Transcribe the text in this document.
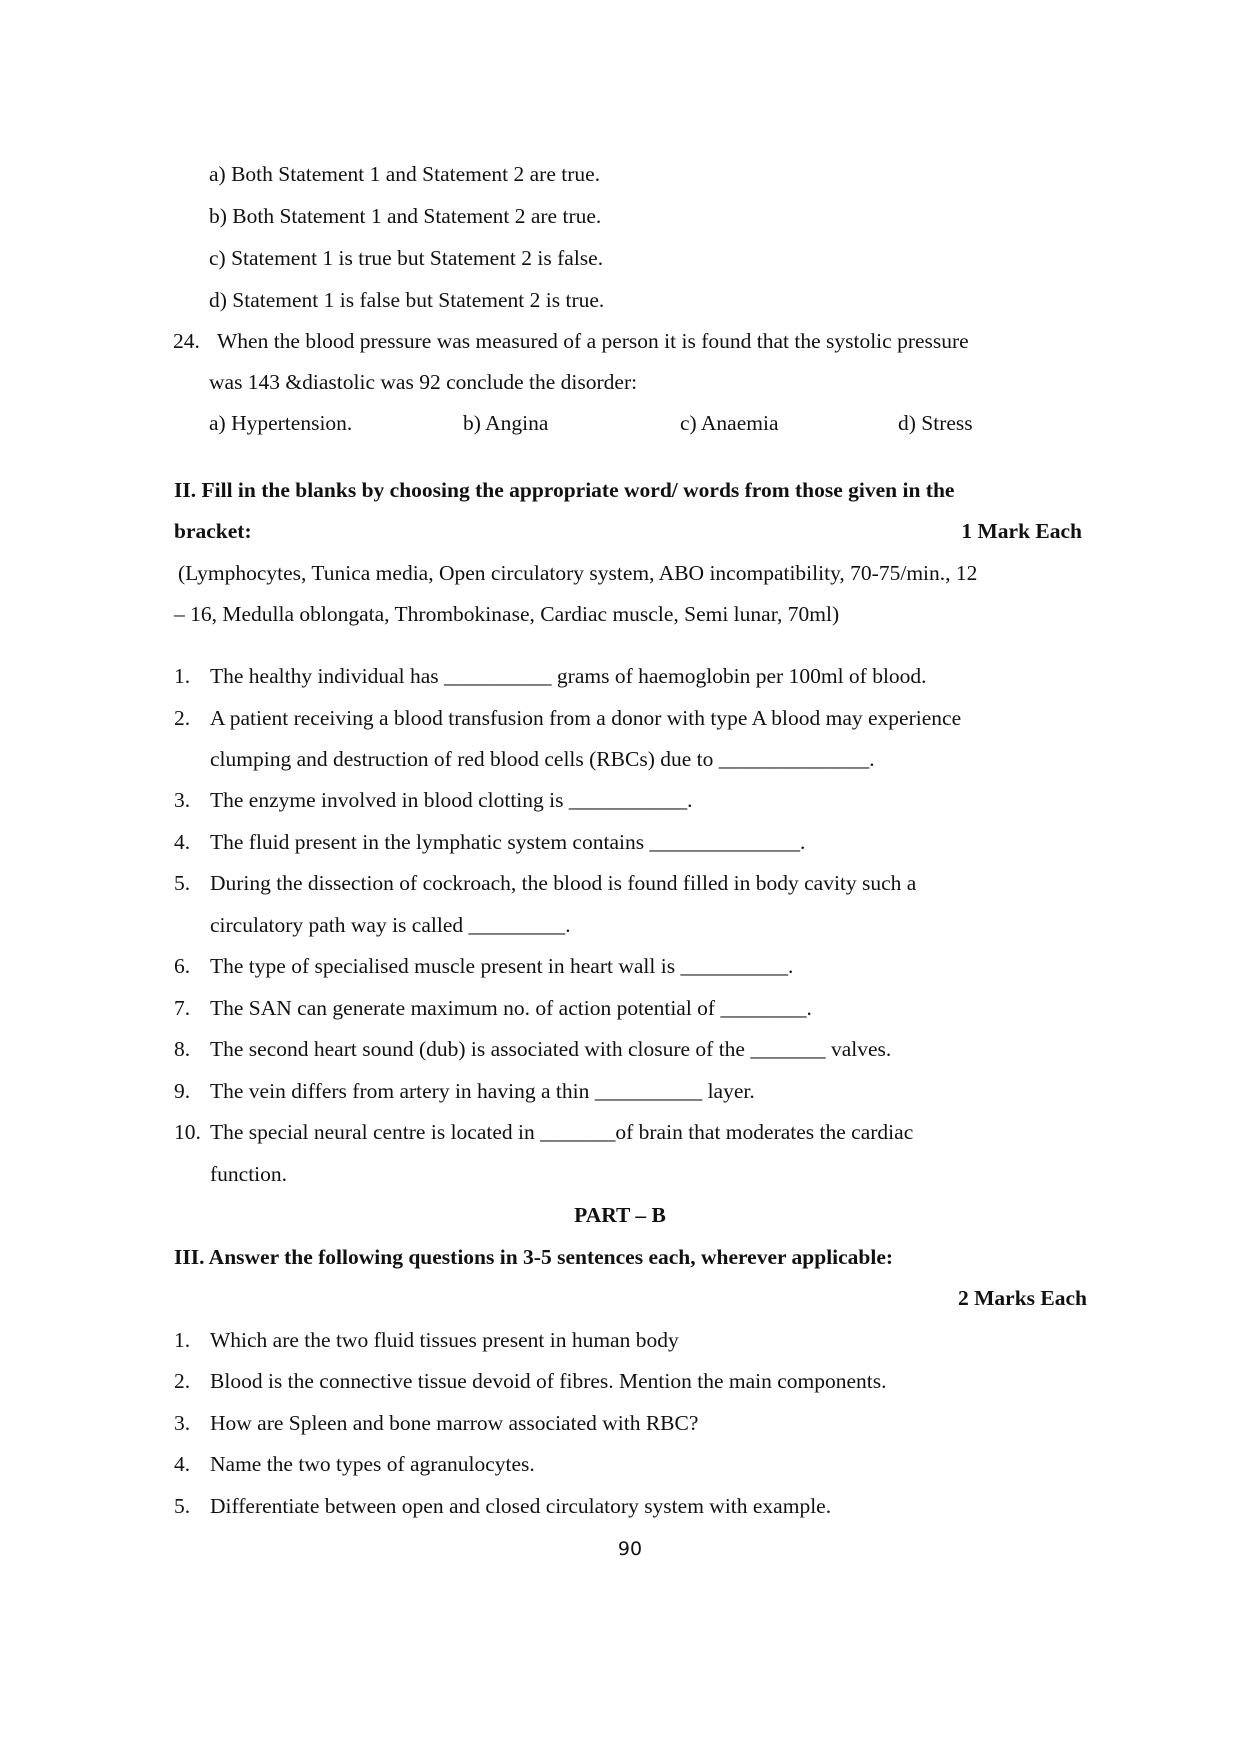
a) Both Statement 1 and Statement 2 are true.
b) Both Statement 1 and Statement 2 are true.
c) Statement 1 is true but Statement 2 is false.
d) Statement 1 is false but Statement 2 is true.
24. When the blood pressure was measured of a person it is found that the systolic pressure
was 143 &diastolic was 92 conclude the disorder:
a) Hypertension.	b) Angina	c) Anaemia	d) Stress
II. Fill in the blanks by choosing the appropriate word/ words from those given in the
bracket:	1 Mark Each
(Lymphocytes, Tunica media, Open circulatory system, ABO incompatibility, 70-75/min., 12
– 16, Medulla oblongata, Thrombokinase, Cardiac muscle, Semi lunar, 70ml)
1. The healthy individual has __________ grams of haemoglobin per 100ml of blood.
2. A patient receiving a blood transfusion from a donor with type A blood may experience
clumping and destruction of red blood cells (RBCs) due to ______________.
3. The enzyme involved in blood clotting is ___________.
4. The fluid present in the lymphatic system contains ______________.
5. During the dissection of cockroach, the blood is found filled in body cavity such a
circulatory path way is called _________.
6. The type of specialised muscle present in heart wall is __________.
7. The SAN can generate maximum no. of action potential of ________.
8. The second heart sound (dub) is associated with closure of the _______ valves.
9. The vein differs from artery in having a thin __________ layer.
10. The special neural centre is located in _______of brain that moderates the cardiac
function.
PART – B
III. Answer the following questions in 3-5 sentences each, wherever applicable:
2 Marks Each
1. Which are the two fluid tissues present in human body
2. Blood is the connective tissue devoid of fibres. Mention the main components.
3. How are Spleen and bone marrow associated with RBC?
4. Name the two types of agranulocytes.
5. Differentiate between open and closed circulatory system with example.
90
